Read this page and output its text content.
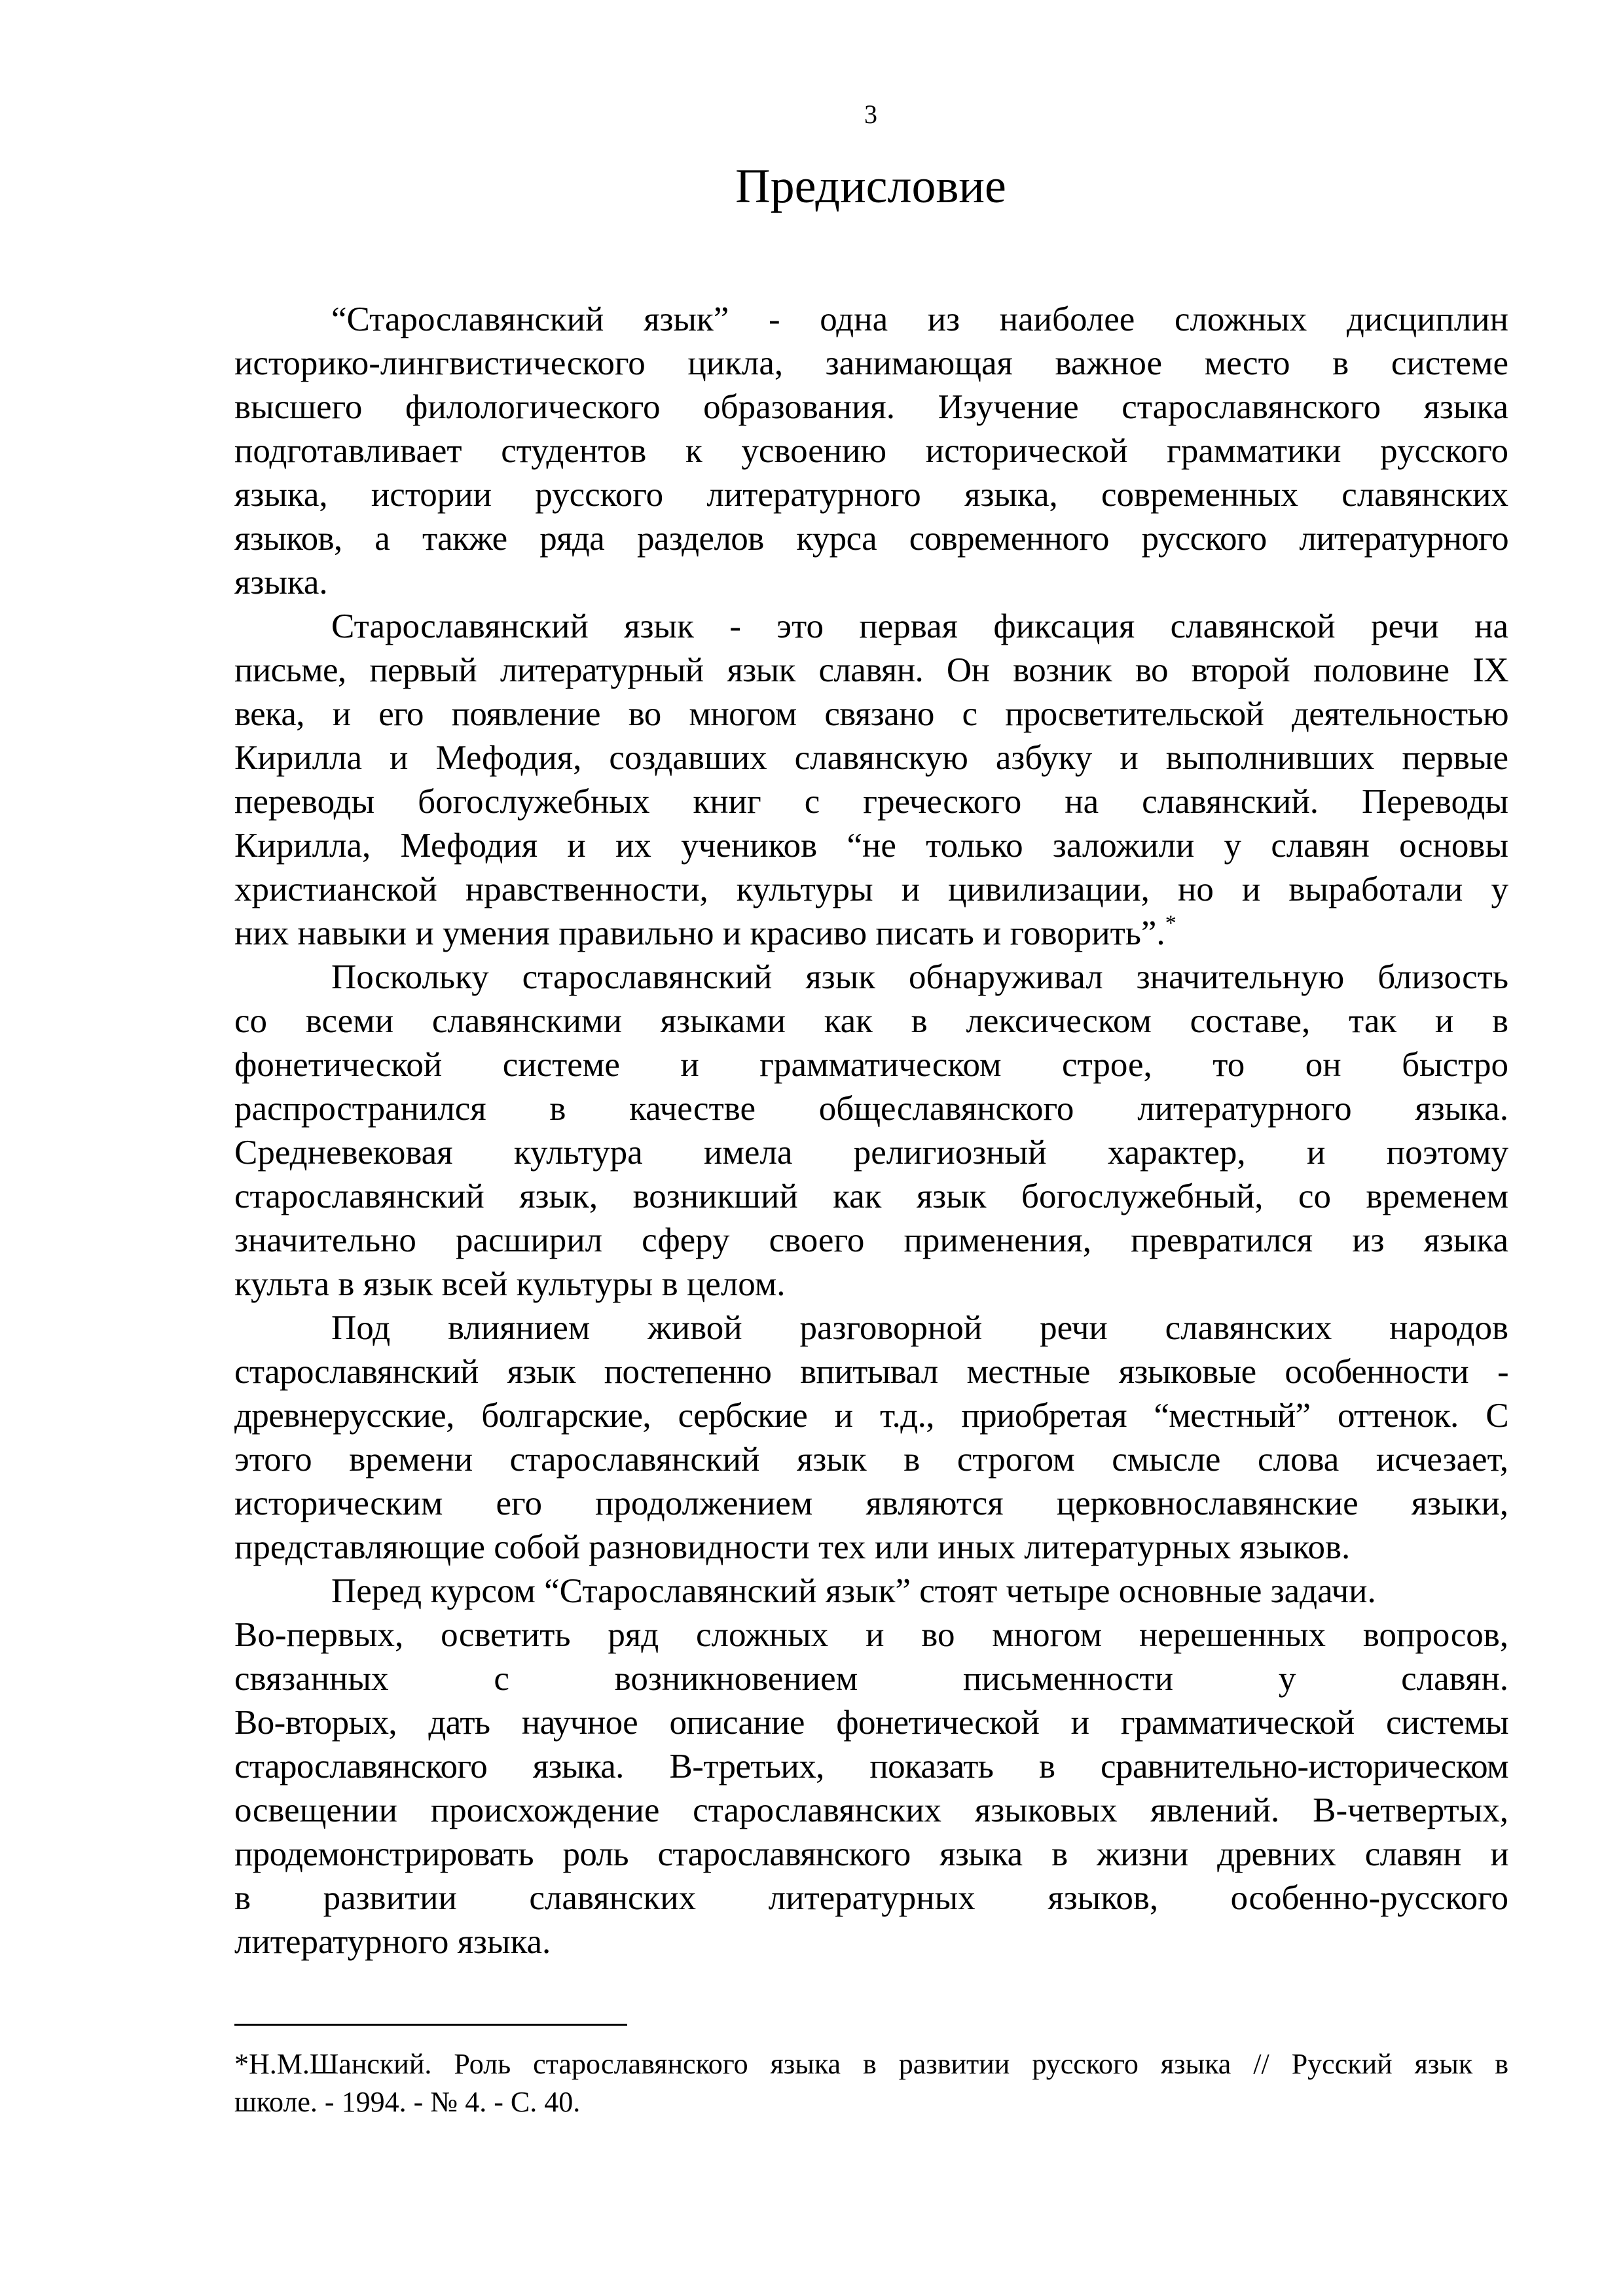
3
Предисловие
“Старославянский язык” - одна из наиболее сложных дисциплин
историко-лингвистического цикла, занимающая важное место в системе
высшего филологического образования. Изучение старославянского языка
подготавливает студентов к усвоению исторической грамматики русского
языка, истории русского литературного языка, современных славянских
языков, а также ряда разделов курса современного русского литературного
языка.
Старославянский язык - это первая фиксация славянской речи на
письме, первый литературный язык славян. Он возник во второй половине IX
века, и его появление во многом связано с просветительской деятельностью
Кирилла и Мефодия, создавших славянскую азбуку и выполнивших первые
переводы богослужебных книг с греческого на славянский. Переводы
Кирилла, Мефодия и их учеников “не только заложили у славян основы
христианской нравственности, культуры и цивилизации, но и выработали у
них навыки и умения правильно и красиво писать и говорить”.*
Поскольку старославянский язык обнаруживал значительную близость
со всеми славянскими языками как в лексическом составе, так и в
фонетической системе и грамматическом строе, то он быстро
распространился в качестве общеславянского литературного языка.
Средневековая культура имела религиозный характер, и поэтому
старославянский язык, возникший как язык богослужебный, со временем
значительно расширил сферу своего применения, превратился из языка
культа в язык всей культуры в целом.
Под влиянием живой разговорной речи славянских народов
старославянский язык постепенно впитывал местные языковые особенности -
древнерусские, болгарские, сербские и т.д., приобретая “местный” оттенок. С
этого времени старославянский язык в строгом смысле слова исчезает,
историческим его продолжением являются церковнославянские языки,
представляющие собой разновидности тех или иных литературных языков.
Перед курсом “Старославянский язык” стоят четыре основные задачи.
Во-первых, осветить ряд сложных и во многом нерешенных вопросов,
связанных с возникновением письменности у славян.
Во-вторых, дать научное описание фонетической и грамматической системы
старославянского языка. В-третьих, показать в сравнительно-историческом
освещении происхождение старославянских языковых явлений. В-четвертых,
продемонстрировать роль старославянского языка в жизни древних славян и
в развитии славянских литературных языков, особенно-русского
литературного языка.
*Н.М.Шанский. Роль старославянского языка в развитии русского языка // Русский язык в
школе. - 1994. - № 4. - С. 40.
